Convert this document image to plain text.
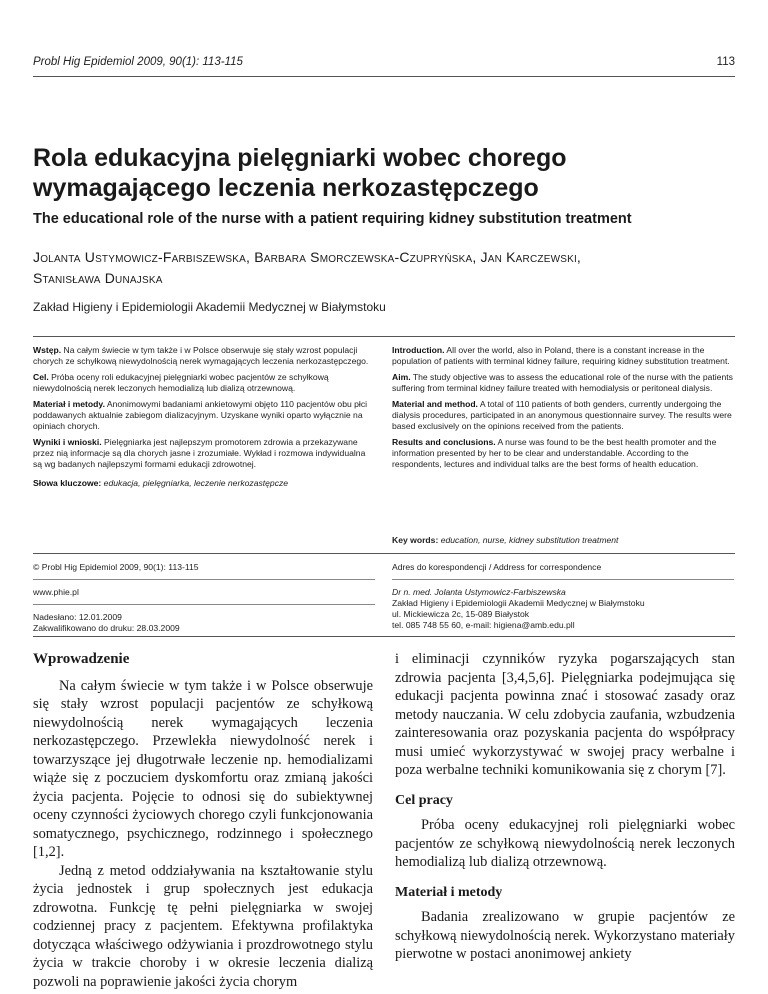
Probl Hig Epidemiol 2009, 90(1): 113-115	113
Rola edukacyjna pielęgniarki wobec chorego wymagającego leczenia nerkozastępczego
The educational role of the nurse with a patient requiring kidney substitution treatment
Jolanta Ustymowicz-Farbiszewska, Barbara Smorczewska-Czupryńska, Jan Karczewski,
Stanisława Dunajska
Zakład Higieny i Epidemiologii Akademii Medycznej w Białymstoku

Wstęp. Na całym świecie w tym także i w Polsce obserwuje się stały wzrost populacji chorych ze schyłkową niewydolnością nerek wymagających leczenia nerkozastępczego.

Cel. Próba oceny roli edukacyjnej pielęgniarki wobec pacjentów ze schyłkową niewydolnością nerek leczonych hemodializą lub dializą otrzewnową.

Materiał i metody. Anonimowymi badaniami ankietowymi objęto 110 pacjentów obu płci poddawanych aktualnie zabiegom dializacyjnym. Uzyskane wyniki oparto wyłącznie na opiniach chorych.

Wyniki i wnioski. Pielęgniarka jest najlepszym promotorem zdrowia a przekazywane przez nią informacje są dla chorych jasne i zrozumiałe. Wykład i rozmowa indywidualna są wg badanych najlepszymi formami edukacji zdrowotnej.

Słowa kluczowe: edukacja, pielęgniarka, leczenie nerkozastępcze

Introduction. All over the world, also in Poland, there is a constant increase in the population of patients with terminal kidney failure, requiring kidney substitution treatment.

Aim. The study objective was to assess the educational role of the nurse with the patients suffering from terminal kidney failure treated with hemodialysis or peritoneal dialysis.

Material and method. A total of 110 patients of both genders, currently undergoing the dialysis procedures, participated in an anonymous questionnaire survey. The results were based exclusively on the opinions received from the patients.

Results and conclusions. A nurse was found to be the best health promoter and the information presented by her to be clear and understandable. According to the respondents, lectures and individual talks are the best forms of health education.

Key words: education, nurse, kidney substitution treatment
© Probl Hig Epidemiol 2009, 90(1): 113-115
www.phie.pl
Nadesłano: 12.01.2009
Zakwalifikowano do druku: 28.03.2009
Adres do korespondencji / Address for correspondence
Dr n. med. Jolanta Ustymowicz-Farbiszewska
Zakład Higieny i Epidemiologii Akademii Medycznej w Białymstoku
ul. Mickiewicza 2c, 15-089 Białystok
tel. 085 748 55 60, e-mail: higiena@amb.edu.pll
Wprowadzenie

Na całym świecie w tym także i w Polsce obserwuje się stały wzrost populacji pacjentów ze schyłkową niewydolnością nerek wymagających leczenia nerkozastępczego. Przewlekła niewydolność nerek i towarzyszące jej długotrwałe leczenie np. hemodializami wiąże się z poczuciem dyskomfortu oraz zmianą jakości życia pacjenta. Pojęcie to odnosi się do subiektywnej oceny czynności życiowych chorego czyli funkcjonowania somatycznego, psychicznego, rodzinnego i społecznego [1,2].

Jedną z metod oddziaływania na kształtowanie stylu życia jednostek i grup społecznych jest edukacja zdrowotna. Funkcję tę pełni pielęgniarka w swojej codziennej pracy z pacjentem. Efektywna profilaktyka dotycząca właściwego odżywiania i prozdrowotnego stylu życia w trakcie choroby i w okresie leczenia dializą pozwoli na poprawienie jakości życia chorym

i eliminacji czynników ryzyka pogarszających stan zdrowia pacjenta [3,4,5,6]. Pielęgniarka podejmująca się edukacji pacjenta powinna znać i stosować zasady oraz metody nauczania. W celu zdobycia zaufania, wzbudzenia zainteresowania oraz pozyskania pacjenta do współpracy musi umieć wykorzystywać w swojej pracy werbalne i poza werbalne techniki komunikowania się z chorym [7].

Cel pracy

Próba oceny edukacyjnej roli pielęgniarki wobec pacjentów ze schyłkową niewydolnością nerek leczonych hemodializą lub dializą otrzewnową.

Materiał i metody

Badania zrealizowano w grupie pacjentów ze schyłkową niewydolnością nerek. Wykorzystano materiały pierwotne w postaci anonimowej ankiety
